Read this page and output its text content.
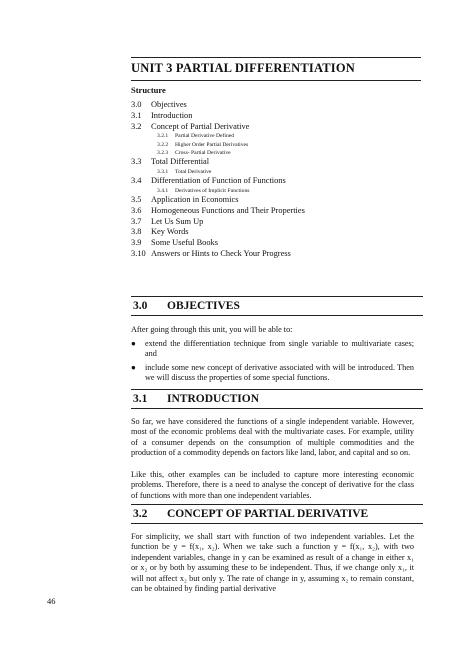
UNIT 3 PARTIAL DIFFERENTIATION
Structure
3.0	Objectives
3.1	Introduction
3.2	Concept of Partial Derivative
3.2.1	Partial Derivative Defined
3.2.2	Higher Order Partial Derivatives
3.2.3	Cross- Partial Derivative
3.3	Total Differential
3.3.1	Total Derivative
3.4	Differentiation of Function of Functions
3.4.1	Derivatives of Implicit Functions
3.5	Application in Economics
3.6	Homogeneous Functions and Their Properties
3.7	Let Us Sum Up
3.8	Key Words
3.9	Some Useful Books
3.10 Answers or Hints to Check Your Progress
3.0 OBJECTIVES
After going through this unit, you will be able to:
●	extend the differentiation technique from single variable to multivariate cases; and
●	include some new concept of derivative associated with will be introduced. Then we will discuss the properties of some special functions.
3.1 INTRODUCTION
So far, we have considered the functions of a single independent variable. However, most of the economic problems deal with the multivariate cases. For example, utility of a consumer depends on the consumption of multiple commodities and the production of a commodity depends on factors like land, labor, and capital and so on.
Like this, other examples can be included to capture more interesting economic problems. Therefore, there is a need to analyse the concept of derivative for the class of functions with more than one independent variables.
3.2 CONCEPT OF PARTIAL DERIVATIVE
For simplicity, we shall start with function of two independent variables. Let the function be y = f(x₁, x₂). When we take such a function y = f(x₁, x₂), with two independent variables, change in y can be examined as result of a change in either x₁ or x₂ or by both by assuming these to be independent. Thus, if we change only x₁, it will not affect x₂ but only y. The rate of change in y, assuming x₂ to remain constant, can be obtained by finding partial derivative
46
